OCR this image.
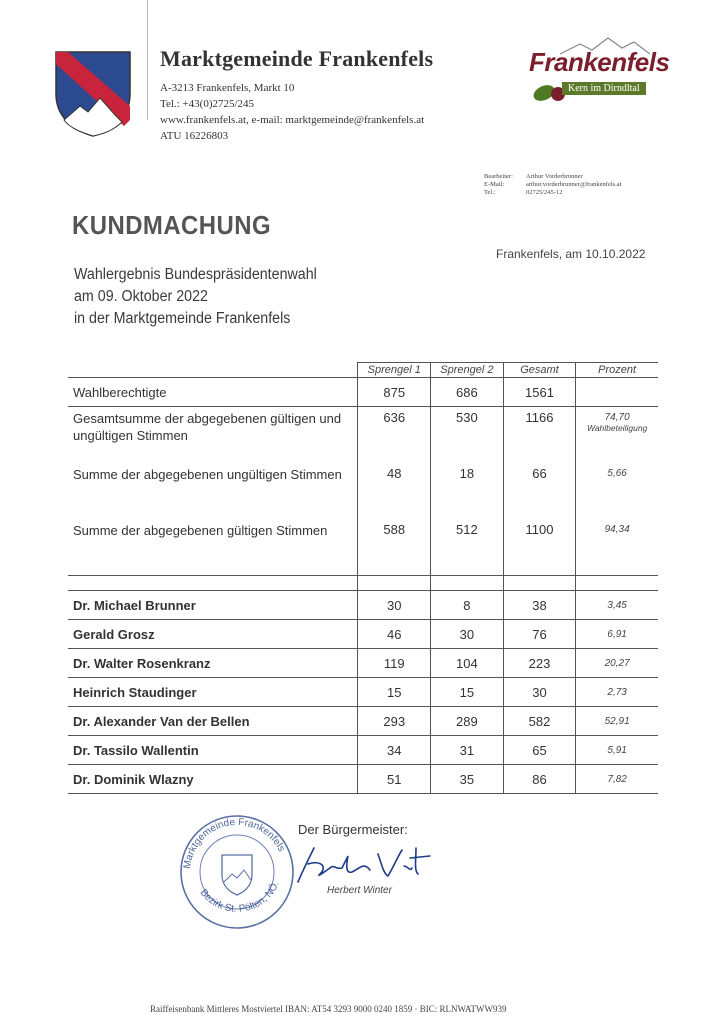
Marktgemeinde Frankenfels
A-3213 Frankenfels, Markt 10
Tel.: +43(0)2725/245
www.frankenfels.at, e-mail: marktgemeinde@frankenfels.at
ATU 16226803
Frankenfels
Kern im Dirndltal
Bearbeiter:	Arthur Vorderbrunner
E-Mail:	arthur.vorderbrunner@frankenfels.at
Tel.:	02725/245-12
KUNDMACHUNG
Frankenfels, am 10.10.2022
Wahlergebnis Bundespräsidentenwahl
am 09. Oktober 2022
in der Marktgemeinde Frankenfels
	Sprengel 1	Sprengel 2	Gesamt	Prozent
Wahlberechtigte	875	686	1561	
Gesamtsumme der abgegebenen gültigen und ungültigen Stimmen	636	530	1166	74,70
Wahlbeteiligung

Summe der abgegebenen ungültigen Stimmen	48	18	66	5,66
Summe der abgegebenen gültigen Stimmen	588	512	1100	94,34

Dr. Michael Brunner	30	8	38	3,45
Gerald Grosz	46	30	76	6,91
Dr. Walter Rosenkranz	119	104	223	20,27
Heinrich Staudinger	15	15	30	2,73
Dr. Alexander Van der Bellen	293	289	582	52,91
Dr. Tassilo Wallentin	34	31	65	5,91
Dr. Dominik Wlazny	51	35	86	7,82
Marktgemeinde Frankenfels
Bezirk St. Pölten, NÖ.
Der Bürgermeister:
Herbert Winter
Raiffeisenbank Mittleres Mostviertel IBAN: AT54 3293 9000 0240 1859 · BIC: RLNWATWW939
